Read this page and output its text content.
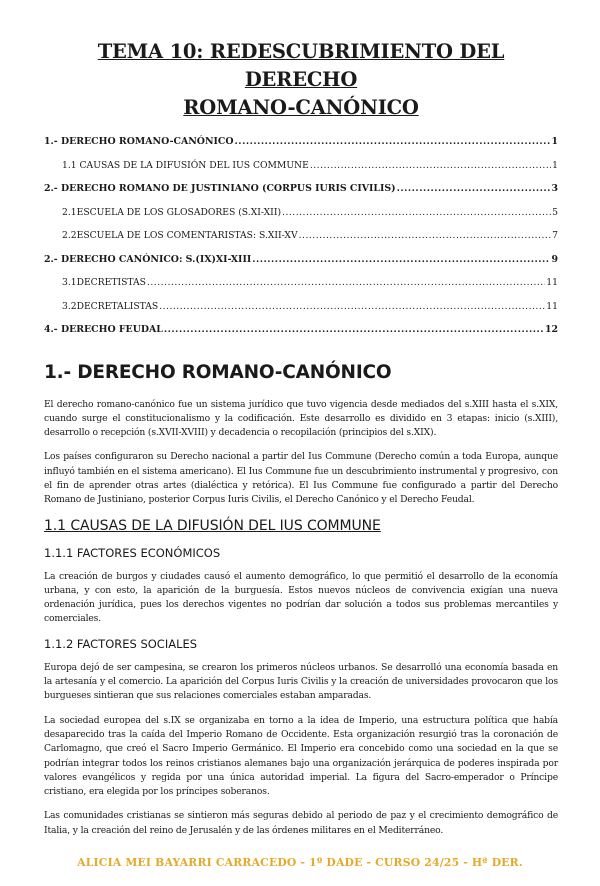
TEMA 10: REDESCUBRIMIENTO DEL DERECHO
ROMANO-CANÓNICO
1.- DERECHO ROMANO-CANÓNICO .....	1
1.1 CAUSAS DE LA DIFUSIÓN DEL IUS COMMUNE .....	1
2.- DERECHO ROMANO DE JUSTINIANO (CORPUS IURIS CIVILIS) .....	3
2.1ESCUELA DE LOS GLOSADORES (S.XI-XII) .....	5
2.2ESCUELA DE LOS COMENTARISTAS: S.XII-XV .....	7
2.- DERECHO CANÓNICO: S.(IX)XI-XIII .....	9
3.1DECRETISTAS .....	11
3.2DECRETALISTAS .....	11
4.- DERECHO FEUDAL .....	12
1.- DERECHO ROMANO-CANÓNICO

El derecho romano-canónico fue un sistema jurídico que tuvo vigencia desde mediados del s.XIII hasta el s.XIX, cuando surge el constitucionalismo y la codificación. Este desarrollo es dividido en 3 etapas: inicio (s.XIII), desarrollo o recepción (s.XVII-XVIII) y decadencia o recopilación (principios del s.XIX).

Los países configuraron su Derecho nacional a partir del Ius Commune (Derecho común a toda Europa, aunque influyó también en el sistema americano). El Ius Commune fue un descubrimiento instrumental y progresivo, con el fin de aprender otras artes (dialéctica y retórica). El Ius Commune fue configurado a partir del Derecho Romano de Justiniano, posterior Corpus Iuris Civilis, el Derecho Canónico y el Derecho Feudal.

1.1 CAUSAS DE LA DIFUSIÓN DEL IUS COMMUNE
1.1.1 FACTORES ECONÓMICOS

La creación de burgos y ciudades causó el aumento demográfico, lo que permitió el desarrollo de la economía urbana, y con esto, la aparición de la burguesía. Estos nuevos núcleos de convivencia exigían una nueva ordenación jurídica, pues los derechos vigentes no podrían dar solución a todos sus problemas mercantiles y comerciales.

1.1.2 FACTORES SOCIALES

Europa dejó de ser campesina, se crearon los primeros núcleos urbanos. Se desarrolló una economía basada en la artesanía y el comercio. La aparición del Corpus Iuris Civilis y la creación de universidades provocaron que los burgueses sintieran que sus relaciones comerciales estaban amparadas.

La sociedad europea del s.IX se organizaba en torno a la idea de Imperio, una estructura política que había desaparecido tras la caída del Imperio Romano de Occidente. Esta organización resurgió tras la coronación de Carlomagno, que creó el Sacro Imperio Germánico. El Imperio era concebido como una sociedad en la que se podrían integrar todos los reinos cristianos alemanes bajo una organización jerárquica de poderes inspirada por valores evangélicos y regida por una única autoridad imperial. La figura del Sacro-emperador o Príncipe cristiano, era elegida por los príncipes soberanos.

Las comunidades cristianas se sintieron más seguras debido al periodo de paz y el crecimiento demográfico de Italia, y la creación del reino de Jerusalén y de las órdenes militares en el Mediterráneo.

ALICIA MEI BAYARRI CARRACEDO - 1º DADE - CURSO 24/25 - Hª DER.
